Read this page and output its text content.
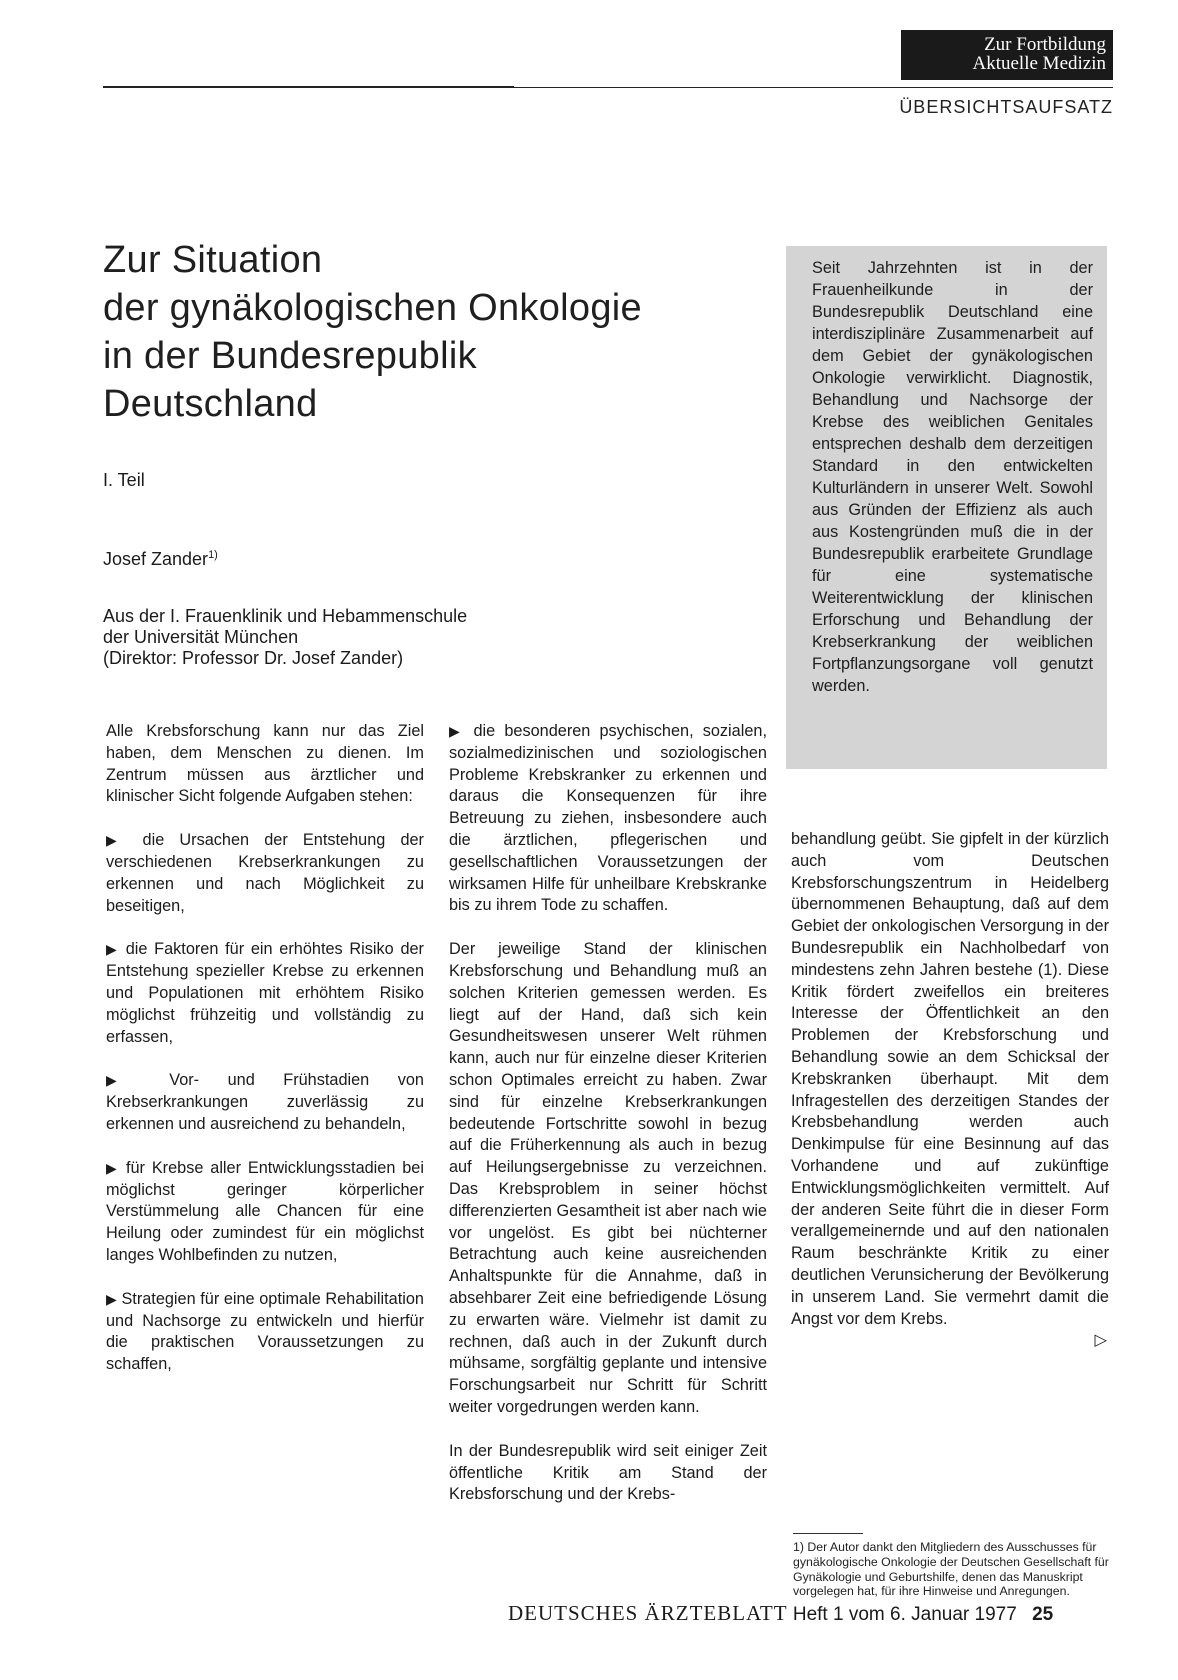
Zur Fortbildung
Aktuelle Medizin
ÜBERSICHTSAUFSATZ
Zur Situation
der gynäkologischen Onkologie
in der Bundesrepublik
Deutschland
I. Teil
Josef Zander$^{1)}$
Aus der I. Frauenklinik und Hebammenschule
der Universität München
(Direktor: Professor Dr. Josef Zander)
Seit Jahrzehnten ist in der Frauenheilkunde in der Bundesrepublik Deutschland eine interdisziplinäre Zusammenarbeit auf dem Gebiet der gynäkologischen Onkologie verwirklicht. Diagnostik, Behandlung und Nachsorge der Krebse des weiblichen Genitales entsprechen deshalb dem derzeitigen Standard in den entwickelten Kulturländern in unserer Welt. Sowohl aus Gründen der Effizienz als auch aus Kostengründen muß die in der Bundesrepublik erarbeitete Grundlage für eine systematische Weiterentwicklung der klinischen Erforschung und Behandlung der Krebserkrankung der weiblichen Fortpflanzungsorgane voll genutzt werden.

Alle Krebsforschung kann nur das Ziel haben, dem Menschen zu dienen. Im Zentrum müssen aus ärztlicher und klinischer Sicht folgende Aufgaben stehen:

▶ die Ursachen der Entstehung der verschiedenen Krebserkrankungen zu erkennen und nach Möglichkeit zu beseitigen,

▶ die Faktoren für ein erhöhtes Risiko der Entstehung spezieller Krebse zu erkennen und Populationen mit erhöhtem Risiko möglichst frühzeitig und vollständig zu erfassen,

▶ Vor- und Frühstadien von Krebserkrankungen zuverlässig zu erkennen und ausreichend zu behandeln,

▶ für Krebse aller Entwicklungsstadien bei möglichst geringer körperlicher Verstümmelung alle Chancen für eine Heilung oder zumindest für ein möglichst langes Wohlbefinden zu nutzen,

▶ Strategien für eine optimale Rehabilitation und Nachsorge zu entwickeln und hierfür die praktischen Voraussetzungen zu schaffen,

▶ die besonderen psychischen, sozialen, sozialmedizinischen und soziologischen Probleme Krebskranker zu erkennen und daraus die Konsequenzen für ihre Betreuung zu ziehen, insbesondere auch die ärztlichen, pflegerischen und gesellschaftlichen Voraussetzungen der wirksamen Hilfe für unheilbare Krebskranke bis zu ihrem Tode zu schaffen.

Der jeweilige Stand der klinischen Krebsforschung und Behandlung muß an solchen Kriterien gemessen werden. Es liegt auf der Hand, daß sich kein Gesundheitswesen unserer Welt rühmen kann, auch nur für einzelne dieser Kriterien schon Optimales erreicht zu haben. Zwar sind für einzelne Krebserkrankungen bedeutende Fortschritte sowohl in bezug auf die Früherkennung als auch in bezug auf Heilungsergebnisse zu verzeichnen. Das Krebsproblem in seiner höchst differenzierten Gesamtheit ist aber nach wie vor ungelöst. Es gibt bei nüchterner Betrachtung auch keine ausreichenden Anhaltspunkte für die Annahme, daß in absehbarer Zeit eine befriedigende Lösung zu erwarten wäre. Vielmehr ist damit zu rechnen, daß auch in der Zukunft durch mühsame, sorgfältig geplante und intensive Forschungsarbeit nur Schritt für Schritt weiter vorgedrungen werden kann.

In der Bundesrepublik wird seit einiger Zeit öffentliche Kritik am Stand der Krebsforschung und der Krebs-

behandlung geübt. Sie gipfelt in der kürzlich auch vom Deutschen Krebsforschungszentrum in Heidelberg übernommenen Behauptung, daß auf dem Gebiet der onkologischen Versorgung in der Bundesrepublik ein Nachholbedarf von mindestens zehn Jahren bestehe (1). Diese Kritik fördert zweifellos ein breiteres Interesse der Öffentlichkeit an den Problemen der Krebsforschung und Behandlung sowie an dem Schicksal der Krebskranken überhaupt. Mit dem Infragestellen des derzeitigen Standes der Krebsbehandlung werden auch Denkimpulse für eine Besinnung auf das Vorhandene und auf zukünftige Entwicklungsmöglichkeiten vermittelt. Auf der anderen Seite führt die in dieser Form verallgemeinernde und auf den nationalen Raum beschränkte Kritik zu einer deutlichen Verunsicherung der Bevölkerung in unserem Land. Sie vermehrt damit die Angst vor dem Krebs.

▷
1) Der Autor dankt den Mitgliedern des Ausschusses für gynäkologische Onkologie der Deutschen Gesellschaft für Gynäkologie und Geburtshilfe, denen das Manuskript vorgelegen hat, für ihre Hinweise und Anregungen.
DEUTSCHES ÄRZTEBLATT Heft 1 vom 6. Januar 1977 25
